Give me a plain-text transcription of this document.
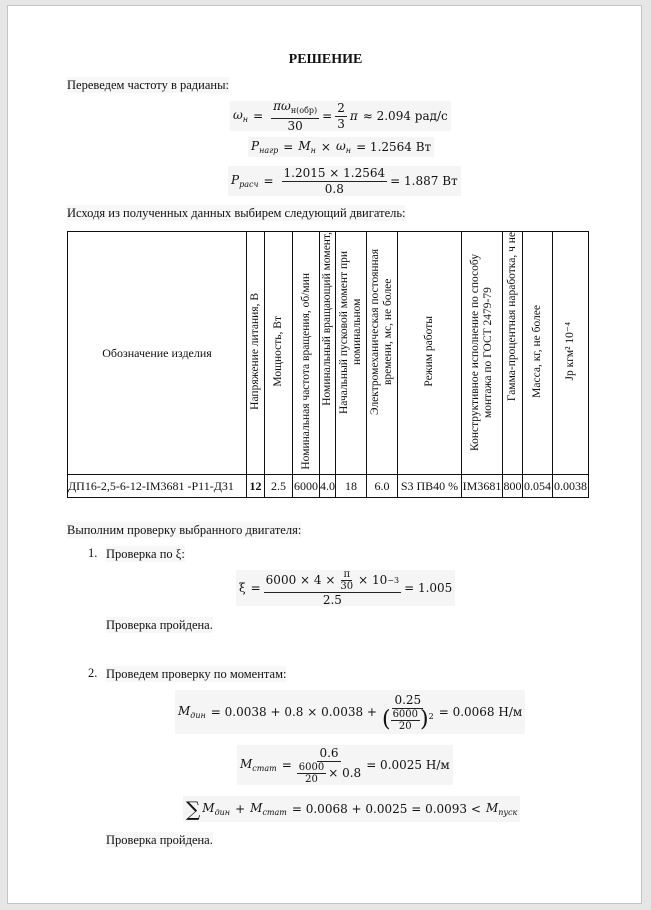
РЕШЕНИЕ
Переведем частоту в радианы:
$\omega_н = \frac{\pi\omega_{н(обр)}}{30} = \frac{2}{3}$ π ≈ 2.094 рад/с
$P_{нагр} = M_н \times \omega_н = 1.2564$ Вт
$P_{расч} = \frac{1.2015 \times 1.2564}{0.8} = 1.887$ Вт
Исходя из полученных данных выбирем следующий двигатель:
Обозначение изделия	Напряжение литания, В	Мощность, Вт	Номинальная частота вращения, об/мин	Номинальный вращающий момент,	Начальный пусковой момент при номинальном	Электромеханическая постоянная времени, мс, не более	Режим работы	Конструктивное исполнение по способу монтажа по ГОСТ 2479-79	Гамма-процентная наработка, ч не	Масса, кг, не более	Jр кгм² 10⁻⁴
ДП16-2,5-6-12-IM3681 -Р11-Д31	12	2.5	6000	4.0	18	6.0	S3 ПВ40 %	IM3681	800	0.054	0.0038
Выполним проверку выбранного двигателя:
1. Проверка по ξ:
$\xi = \frac{6000 \times 4 \times \frac{\pi}{30} \times 10 -3}{2.5} = 1.005$
Проверка пройдена.
2. Проведем проверку по моментам:
$M_{дин} = 0.0038 + 0.8 \times 0.0038 + \frac{0.25}{( \frac{6000}{20} )^2} = 0.0068$ Н/м
$M_{стат} = \frac{0.6}{\frac{6000}{20} \times 0.8} = 0.0025$ Н/м
∑ $M_{дин} + M_{стат} = 0.0068 + 0.0025 = 0.0093 < M_{пуск}$
Проверка пройдена.
